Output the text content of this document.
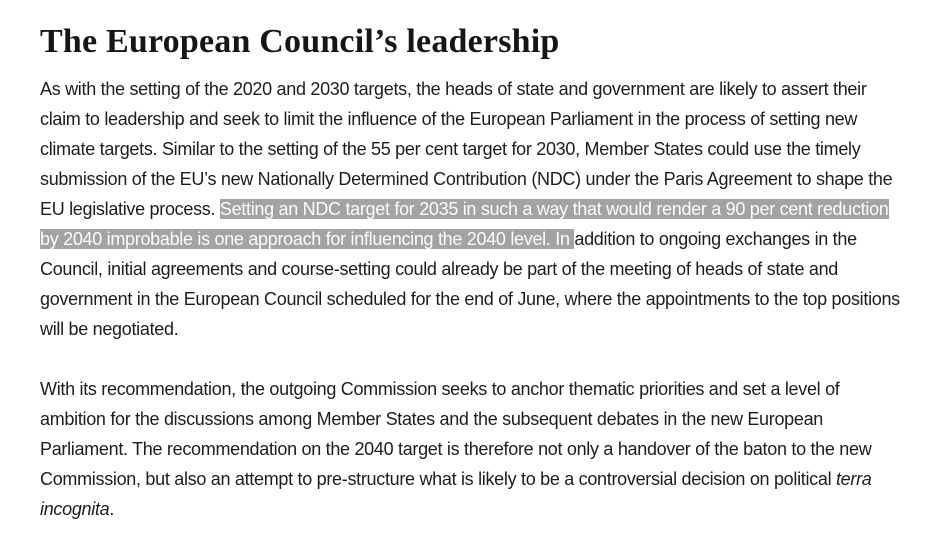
The European Council’s leadership

As with the setting of the 2020 and 2030 targets, the heads of state and government are likely to assert their claim to leadership and seek to limit the influence of the European Parliament in the process of setting new climate targets. Similar to the setting of the 55 per cent target for 2030, Member States could use the timely submission of the EU’s new Nationally Determined Contribution (NDC) under the Paris Agreement to shape the EU legislative process. Setting an NDC target for 2035 in such a way that would render a 90 per cent reduction by 2040 improbable is one approach for influencing the 2040 level. In addition to ongoing exchanges in the Council, initial agreements and course-setting could already be part of the meeting of heads of state and government in the European Council scheduled for the end of June, where the appointments to the top positions will be negotiated.

With its recommendation, the outgoing Commission seeks to anchor thematic priorities and set a level of ambition for the discussions among Member States and the subsequent debates in the new European Parliament. The recommendation on the 2040 target is therefore not only a handover of the baton to the new Commission, but also an attempt to pre-structure what is likely to be a controversial decision on political terra incognita.
